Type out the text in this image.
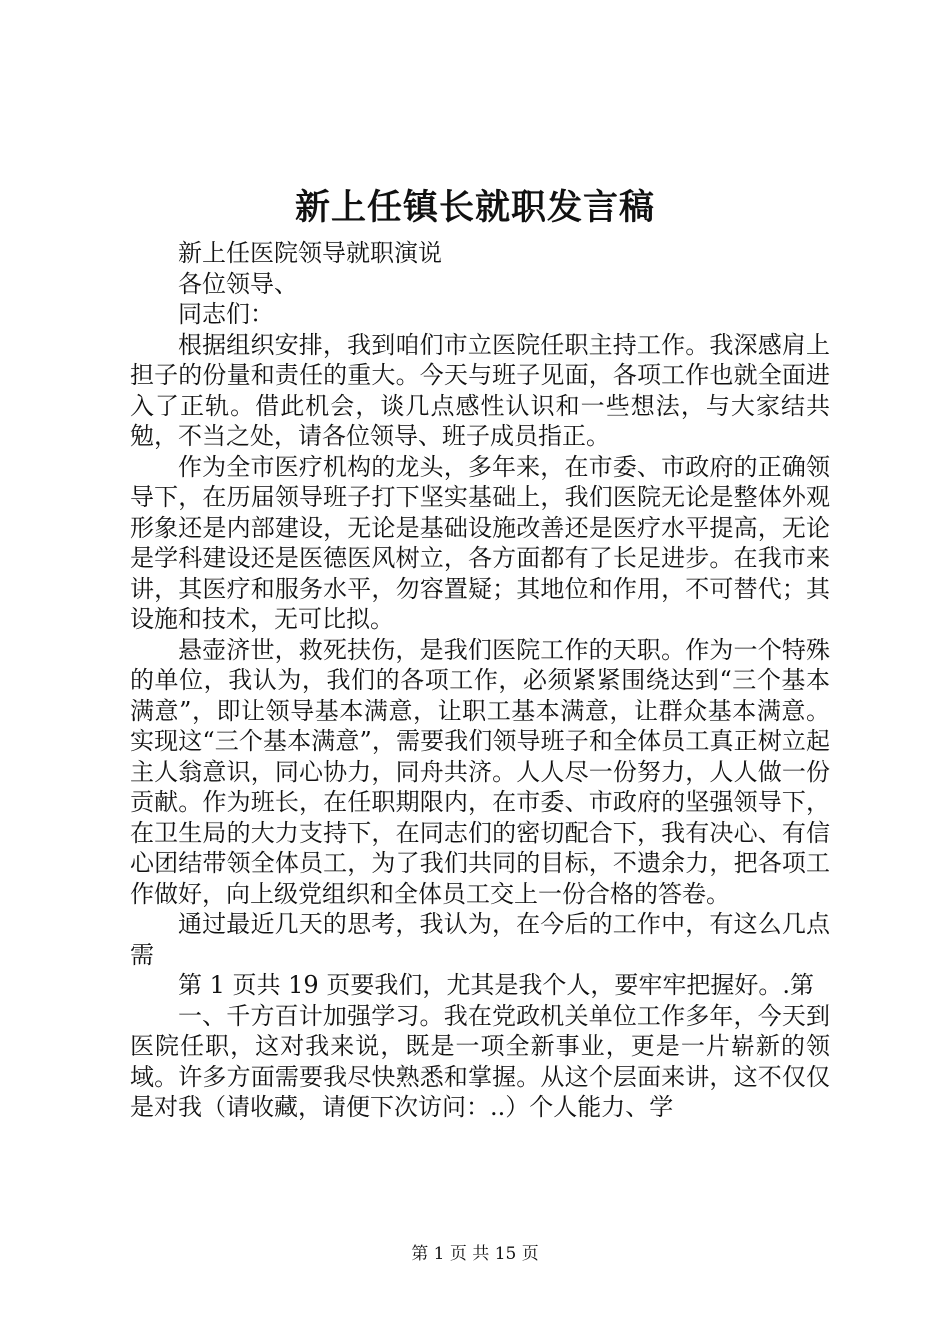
新上任镇长就职发言稿

新上任医院领导就职演说

各位领导、

同志们：

根据组织安排，我到咱们市立医院任职主持工作。我深感肩上担子的份量和责任的重大。今天与班子见面，各项工作也就全面进入了正轨。借此机会，谈几点感性认识和一些想法，与大家结共勉，不当之处，请各位领导、班子成员指正。

作为全市医疗机构的龙头，多年来，在市委、市政府的正确领导下，在历届领导班子打下坚实基础上，我们医院无论是整体外观形象还是内部建设，无论是基础设施改善还是医疗水平提高，无论是学科建设还是医德医风树立，各方面都有了长足进步。在我市来讲，其医疗和服务水平，勿容置疑；其地位和作用，不可替代；其设施和技术，无可比拟。

悬壶济世，救死扶伤，是我们医院工作的天职。作为一个特殊的单位，我认为，我们的各项工作，必须紧紧围绕达到“三个基本满意”，即让领导基本满意，让职工基本满意，让群众基本满意。实现这“三个基本满意”，需要我们领导班子和全体员工真正树立起主人翁意识，同心协力，同舟共济。人人尽一份努力，人人做一份贡献。作为班长，在任职期限内，在市委、市政府的坚强领导下，在卫生局的大力支持下，在同志们的密切配合下，我有决心、有信心团结带领全体员工，为了我们共同的目标，不遗余力，把各项工作做好，向上级党组织和全体员工交上一份合格的答卷。

通过最近几天的思考，我认为，在今后的工作中，有这么几点需

第 1 页共 19 页要我们，尤其是我个人，要牢牢把握好。.第

一、千方百计加强学习。我在党政机关单位工作多年，今天到医院任职，这对我来说，既是一项全新事业，更是一片崭新的领域。许多方面需要我尽快熟悉和掌握。从这个层面来讲，这不仅仅是对我（请收藏，请便下次访问：..）个人能力、学

第 1 页 共 15 页
